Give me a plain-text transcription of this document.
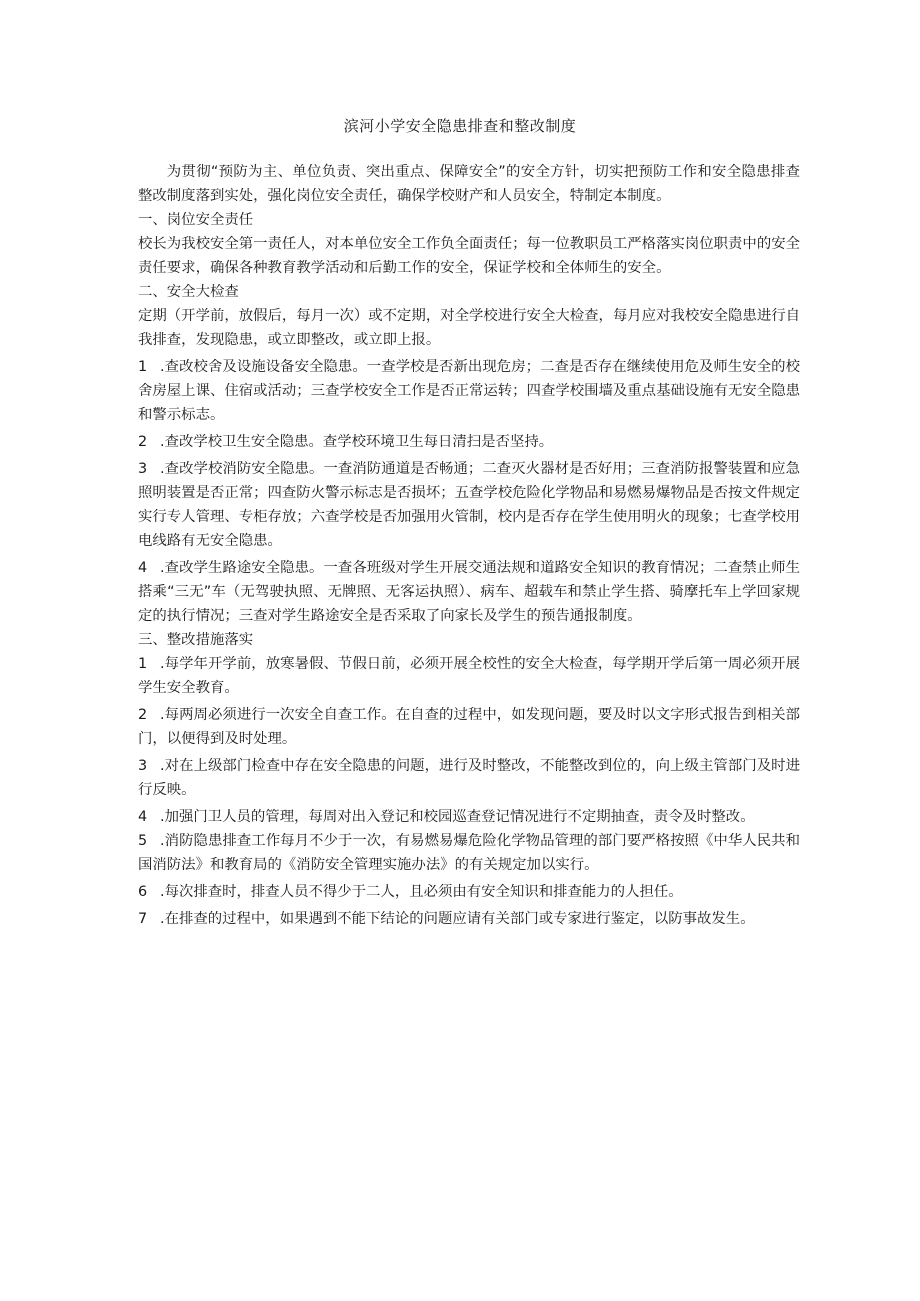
滨河小学安全隐患排查和整改制度

为贯彻“预防为主、单位负责、突出重点、保障安全”的安全方针，切实把预防工作和安全隐患排查整改制度落到实处，强化岗位安全责任，确保学校财产和人员安全，特制定本制度。

一、岗位安全责任

校长为我校安全第一责任人，对本单位安全工作负全面责任；每一位教职员工严格落实岗位职责中的安全责任要求，确保各种教育教学活动和后勤工作的安全，保证学校和全体师生的安全。

二、安全大检查

定期（开学前，放假后，每月一次）或不定期，对全学校进行安全大检查，每月应对我校安全隐患进行自我排查，发现隐患，或立即整改，或立即上报。

1 .查改校舍及设施设备安全隐患。一查学校是否新出现危房；二查是否存在继续使用危及师生安全的校舍房屋上课、住宿或活动；三查学校安全工作是否正常运转；四查学校围墙及重点基础设施有无安全隐患和警示标志。

2 .查改学校卫生安全隐患。查学校环境卫生每日清扫是否坚持。

3 .查改学校消防安全隐患。一查消防通道是否畅通；二查灭火器材是否好用；三查消防报警装置和应急照明装置是否正常；四查防火警示标志是否损坏；五查学校危险化学物品和易燃易爆物品是否按文件规定实行专人管理、专柜存放；六查学校是否加强用火管制，校内是否存在学生使用明火的现象；七查学校用电线路有无安全隐患。

4 .查改学生路途安全隐患。一查各班级对学生开展交通法规和道路安全知识的教育情况；二查禁止师生搭乘“三无”车（无驾驶执照、无牌照、无客运执照）、病车、超载车和禁止学生搭、骑摩托车上学回家规定的执行情况；三查对学生路途安全是否采取了向家长及学生的预告通报制度。

三、整改措施落实

1 .每学年开学前，放寒暑假、节假日前，必须开展全校性的安全大检查，每学期开学后第一周必须开展学生安全教育。

2 .每两周必须进行一次安全自查工作。在自查的过程中，如发现问题，要及时以文字形式报告到相关部门，以便得到及时处理。

3 .对在上级部门检查中存在安全隐患的问题，进行及时整改，不能整改到位的，向上级主管部门及时进行反映。

4 .加强门卫人员的管理，每周对出入登记和校园巡查登记情况进行不定期抽查，责令及时整改。

5 .消防隐患排查工作每月不少于一次，有易燃易爆危险化学物品管理的部门要严格按照《中华人民共和国消防法》和教育局的《消防安全管理实施办法》的有关规定加以实行。

6 .每次排查时，排查人员不得少于二人，且必须由有安全知识和排查能力的人担任。

7 .在排查的过程中，如果遇到不能下结论的问题应请有关部门或专家进行鉴定，以防事故发生。
